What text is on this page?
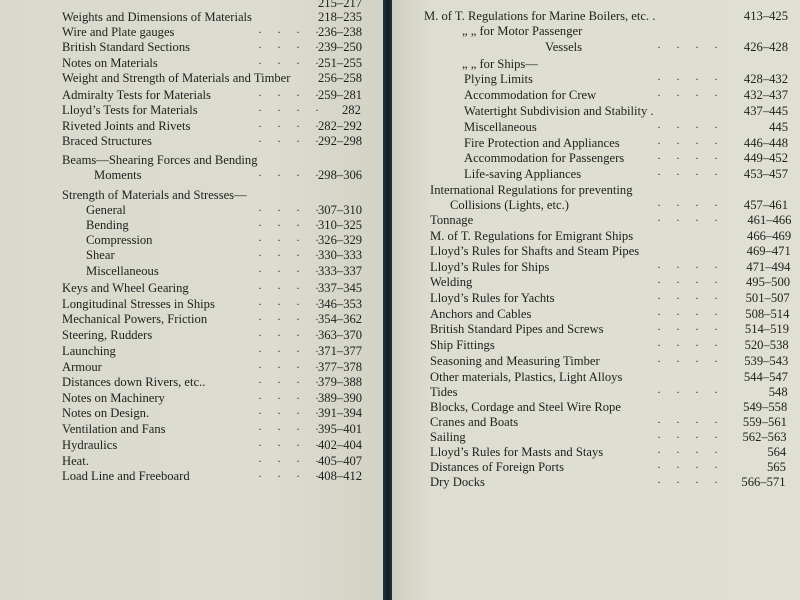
215–217
Weights and Dimensions of Materials	218–235
Wire and Plate gauges	236–238
· · · ·
British Standard Sections	239–250
· · · ·
Notes on Materials	251–255
· · · ·
Weight and Strength of Materials and Timber 256–258
Admiralty Tests for Materials	259–281
· · · ·
Lloyd’s Tests for Materials	282
· · · ·
Riveted Joints and Rivets	282–292
· · · ·
Braced Structures	292–298
· · · ·
Beams—Shearing Forces and Bending
Moments	298–306
· · · ·
Strength of Materials and Stresses—
General	307–310
· · · ·
Bending	310–325
· · · ·
Compression	326–329
· · · ·
Shear	330–333
· · · ·
Miscellaneous	333–337
· · · ·
Keys and Wheel Gearing	337–345
· · · ·
Longitudinal Stresses in Ships	346–353
· · · ·
Mechanical Powers, Friction	354–362
· · · ·
Steering, Rudders	363–370
· · · ·
Launching	371–377
· · · ·
Armour	377–378
· · · ·
Distances down Rivers, etc..	379–388
· · · ·
Notes on Machinery	389–390
· · · ·
Notes on Design.	391–394
· · · ·
Ventilation and Fans	395–401
· · · ·
Hydraulics	402–404
· · · ·
Heat.	405–407
· · · ·
Load Line and Freeboard	408–412
· · · ·
M. of T. Regulations for Marine Boilers, etc. .	413–425
„ „ for Motor Passenger
Vessels	426–428
· · · ·
„ „ for Ships—
Plying Limits	428–432
· · · ·
Accommodation for Crew	432–437
· · · ·
Watertight Subdivision and Stability .	437–445
Miscellaneous	445
· · · ·
Fire Protection and Appliances	446–448
· · · ·
Accommodation for Passengers	449–452
· · · ·
Life-saving Appliances	453–457
· · · ·
International Regulations for preventing
Collisions (Lights, etc.)	457–461
· · · ·
Tonnage	461–466
· · · ·
M. of T. Regulations for Emigrant Ships	466–469
Lloyd’s Rules for Shafts and Steam Pipes	469–471
Lloyd’s Rules for Ships	471–494
· · · ·
Welding	495–500
· · · ·
Lloyd’s Rules for Yachts	501–507
· · · ·
Anchors and Cables	508–514
· · · ·
British Standard Pipes and Screws	514–519
· · · ·
Ship Fittings	520–538
· · · ·
Seasoning and Measuring Timber	539–543
· · · ·
Other materials, Plastics, Light Alloys	544–547
Tides	548
· · · ·
Blocks, Cordage and Steel Wire Rope	549–558
Cranes and Boats	559–561
· · · ·
Sailing	562–563
· · · ·
Lloyd’s Rules for Masts and Stays	564
· · · ·
Distances of Foreign Ports	565
· · · ·
Dry Docks	566–571
· · · ·
